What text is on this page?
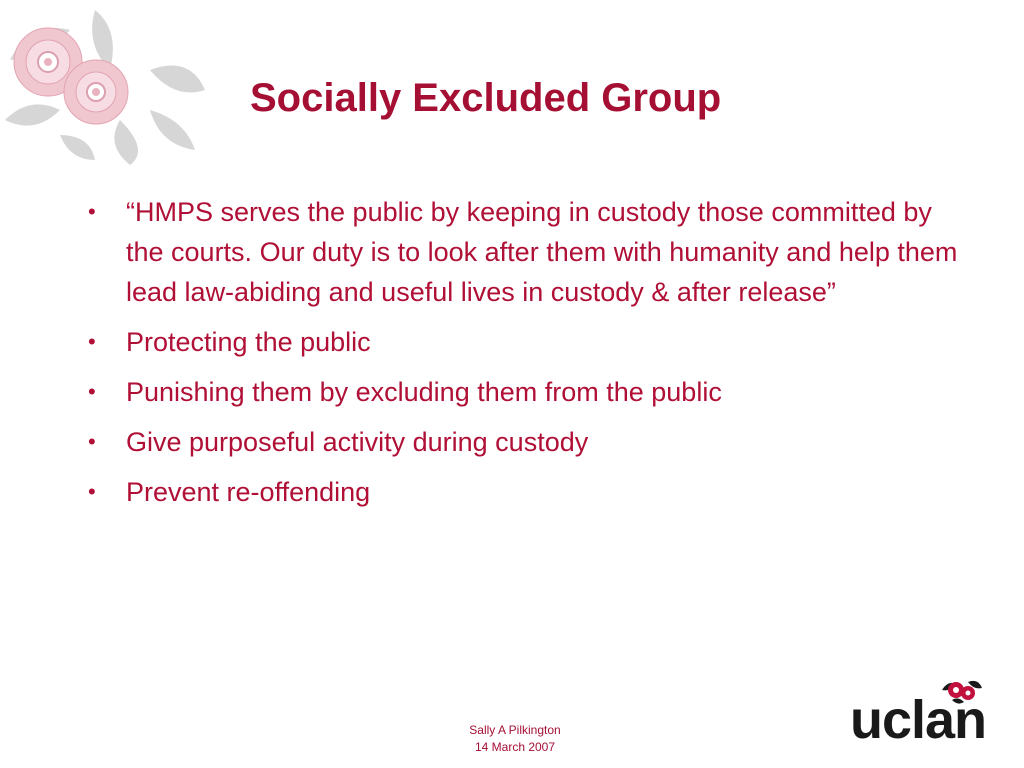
Socially Excluded Group
•	“HMPS serves the public by keeping in custody those committed by the courts. Our duty is to look after them with humanity and help them lead law-abiding and useful lives in custody & after release”
•	Protecting the public
•	Punishing them by excluding them from the public
•	Give purposeful activity during custody
•	Prevent re-offending
Sally A Pilkington
14 March 2007	uclan
